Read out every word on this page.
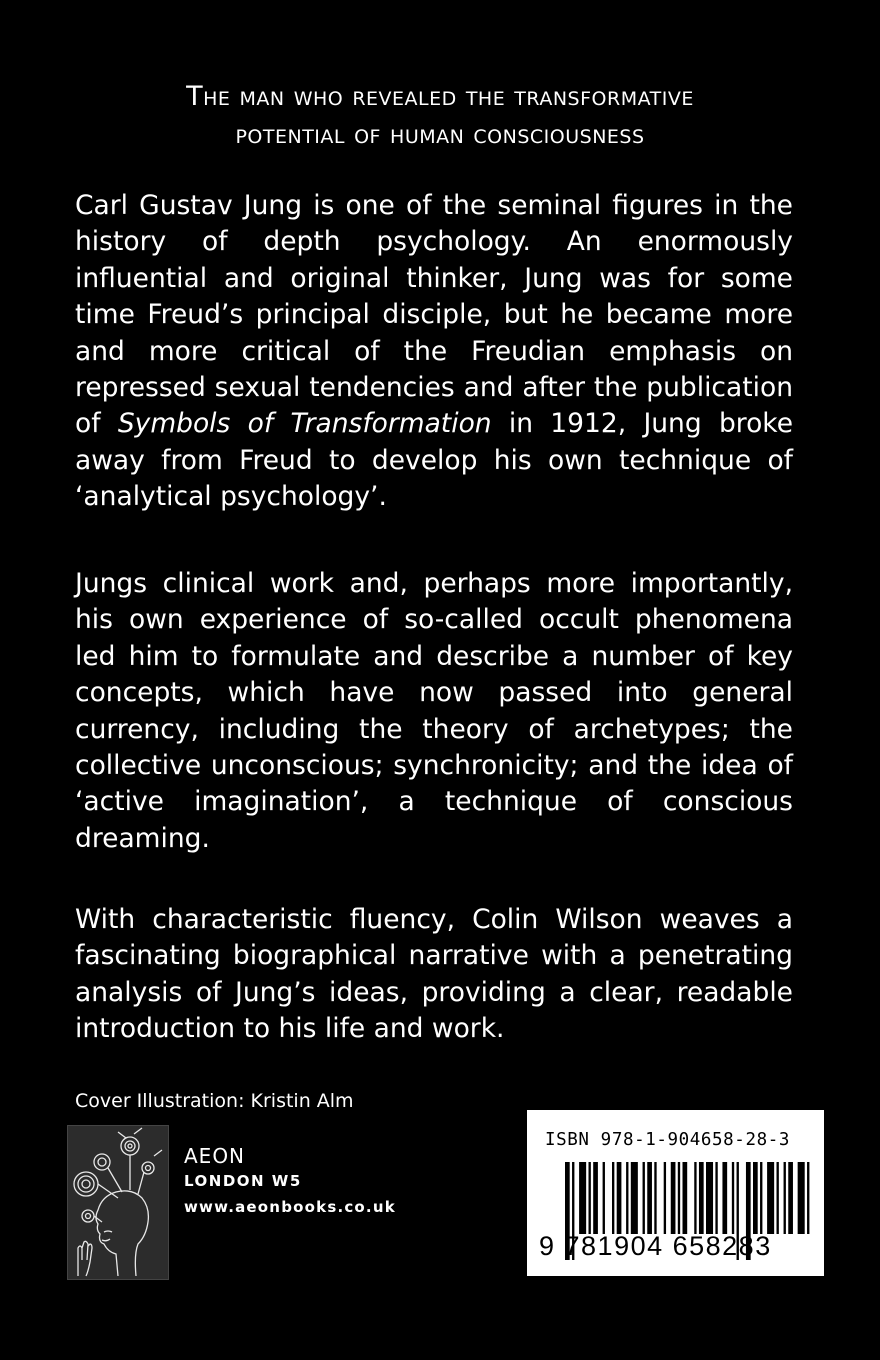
The man who revealed the transformative
potential of human consciousness

Carl Gustav Jung is one of the seminal figures in the history of depth psychology. An enormously influential and original thinker, Jung was for some time Freud’s principal disciple, but he became more and more critical of the Freudian emphasis on repressed sexual tendencies and after the publication of Symbols of Transformation in 1912, Jung broke away from Freud to develop his own technique of ‘analytical psychology’.

Jungs clinical work and, perhaps more importantly, his own experience of so-called occult phenomena led him to formulate and describe a number of key concepts, which have now passed into general currency, including the theory of archetypes; the collective unconscious; synchronicity; and the idea of ‘active imagination’, a technique of conscious dreaming.

With characteristic fluency, Colin Wilson weaves a fascinating biographical narrative with a penetrating analysis of Jung’s ideas, providing a clear, readable introduction to his life and work.

Cover Illustration: Kristin Alm
AEON
LONDON W5
www.aeonbooks.co.uk
ISBN 978-1-904658-28-3
9 781904 658283
